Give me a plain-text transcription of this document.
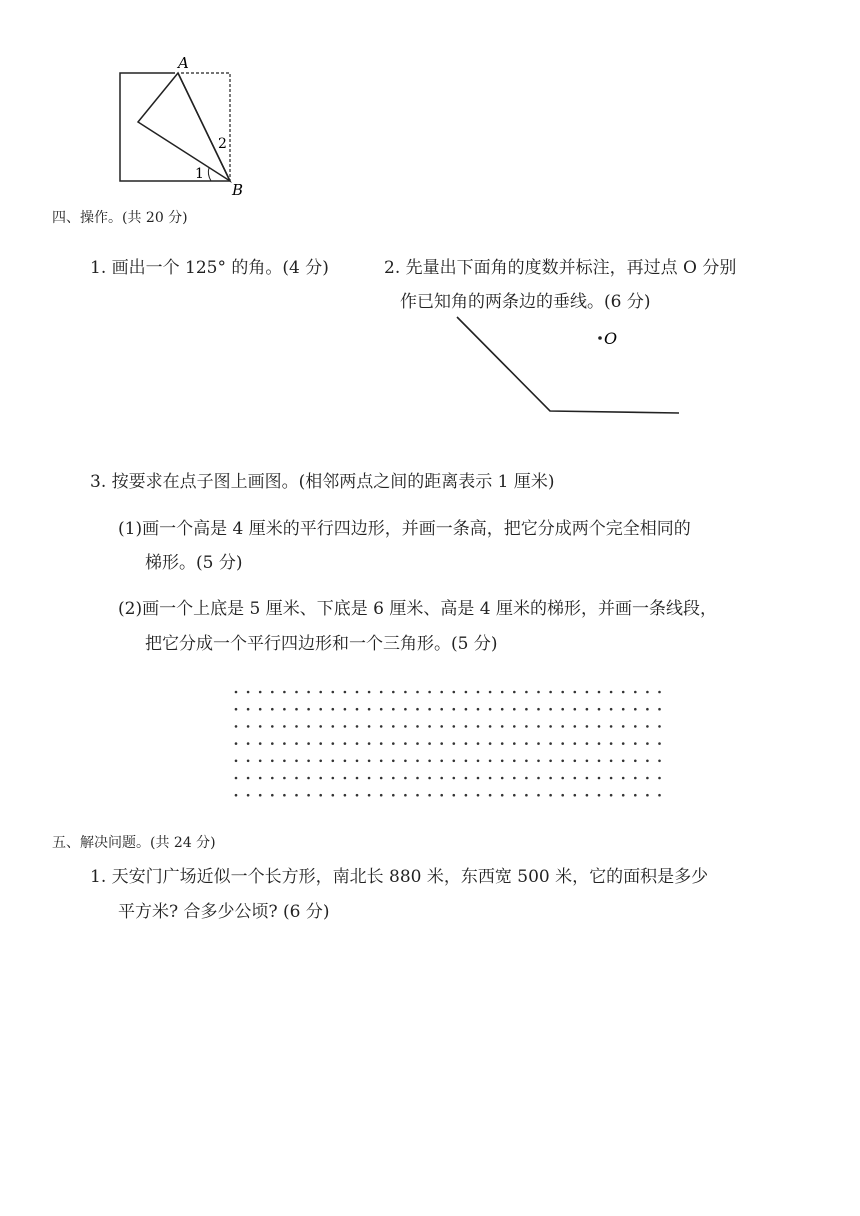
A
B
1
2
四、操作。(共 20 分)
1. 画出一个 125° 的角。(4 分)	2. 先量出下面角的度数并标注，再过点 O 分别
作已知角的两条边的垂线。(6 分)
O
3. 按要求在点子图上画图。(相邻两点之间的距离表示 1 厘米)
(1)画一个高是 4 厘米的平行四边形，并画一条高，把它分成两个完全相同的
梯形。(5 分)
(2)画一个上底是 5 厘米、下底是 6 厘米、高是 4 厘米的梯形，并画一条线段，
把它分成一个平行四边形和一个三角形。(5 分)
五、解决问题。(共 24 分)
1. 天安门广场近似一个长方形，南北长 880 米，东西宽 500 米，它的面积是多少
平方米? 合多少公顷? (6 分)
